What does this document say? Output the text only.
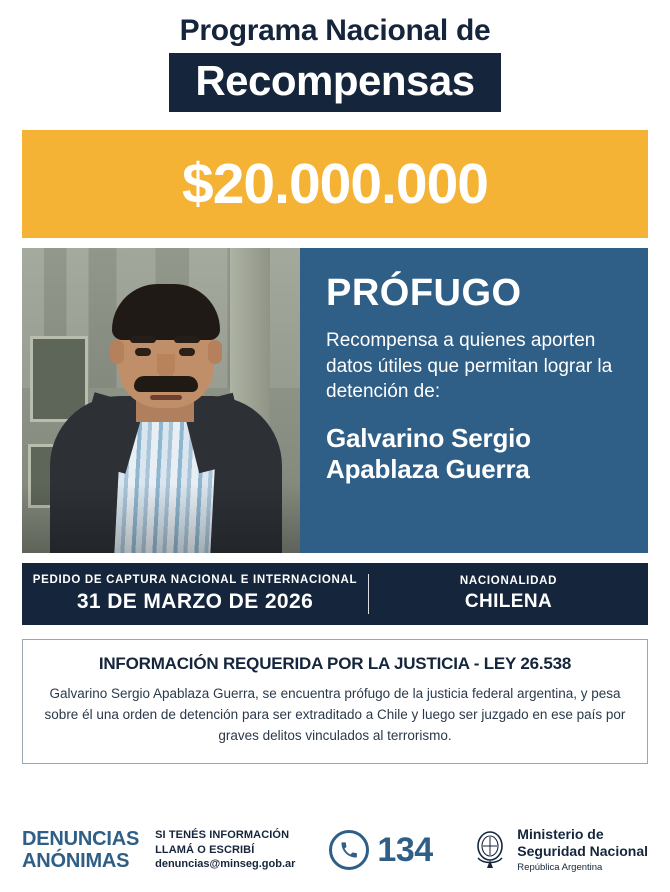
Programa Nacional de
Recompensas
$20.000.000
PRÓFUGO
Recompensa a quienes aporten datos útiles que permitan lograr la detención de:
Galvarino Sergio
Apablaza Guerra
PEDIDO DE CAPTURA NACIONAL E INTERNACIONAL
31 DE MARZO DE 2026
NACIONALIDAD
CHILENA
INFORMACIÓN REQUERIDA POR LA JUSTICIA - LEY 26.538
Galvarino Sergio Apablaza Guerra, se encuentra prófugo de la justicia federal argentina, y pesa sobre él una orden de detención para ser extraditado a Chile y luego ser juzgado en ese país por graves delitos vinculados al terrorismo.
DENUNCIAS
ANÓNIMAS
SI TENÉS INFORMACIÓN
LLAMÁ O ESCRIBÍ
denuncias@minseg.gob.ar 134	Ministerio de
Seguridad Nacional
República Argentina
